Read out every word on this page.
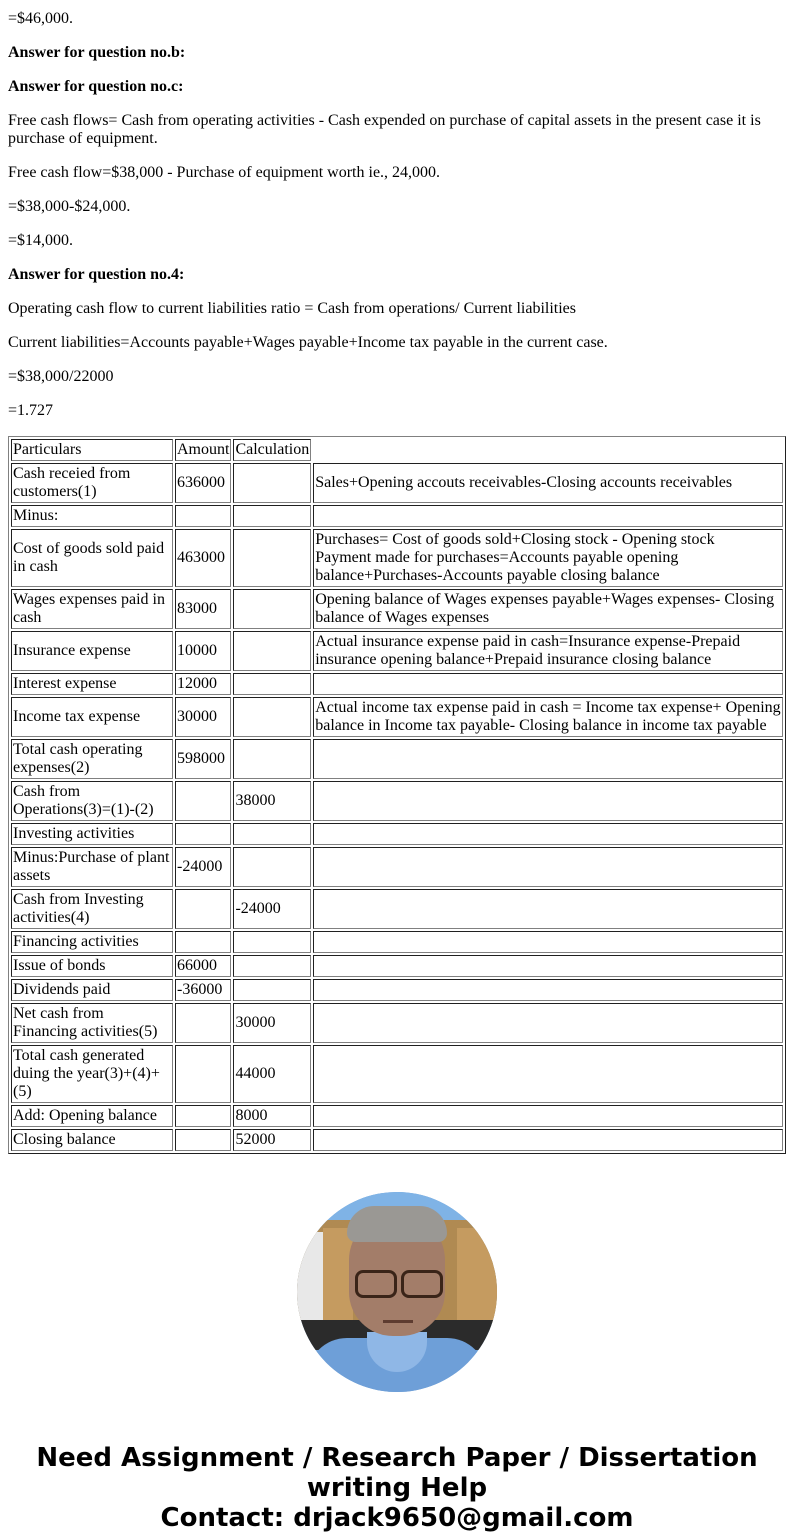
=$46,000.

Answer for question no.b:

Answer for question no.c:

Free cash flows= Cash from operating activities - Cash expended on purchase of capital assets in the present case it is purchase of equipment.

Free cash flow=$38,000 - Purchase of equipment worth ie., 24,000.

=$38,000-$24,000.

=$14,000.

Answer for question no.4:

Operating cash flow to current liabilities ratio = Cash from operations/ Current liabilities

Current liabilities=Accounts payable+Wages payable+Income tax payable in the current case.

=$38,000/22000

=1.727

Particulars	Amount	Calculation	
Cash receied from customers(1)	636000		Sales+Opening accouts receivables-Closing accounts receivables
Minus:			
Cost of goods sold paid in cash	463000		Purchases= Cost of goods sold+Closing stock - Opening stock
Payment made for purchases=Accounts payable opening balance+Purchases-Accounts payable closing balance

Wages expenses paid in cash	83000		Opening balance of Wages expenses payable+Wages expenses- Closing balance of Wages expenses
Insurance expense	10000		Actual insurance expense paid in cash=Insurance expense-Prepaid insurance opening balance+Prepaid insurance closing balance
Interest expense	12000		
Income tax expense	30000		Actual income tax expense paid in cash = Income tax expense+ Opening balance in Income tax payable- Closing balance in income tax payable
Total cash operating expenses(2)	598000		
Cash from Operations(3)=(1)-(2)		38000	
Investing activities			
Minus:Purchase of plant assets	-24000		
Cash from Investing activities(4)		-24000	
Financing activities			
Issue of bonds	66000		
Dividends paid	-36000		
Net cash from Financing activities(5)		30000	
Total cash generated duing the year(3)+(4)+(5)		44000	
Add: Opening balance		8000	
Closing balance		52000	
Need Assignment / Research Paper / Dissertation
writing Help
Contact: drjack9650@gmail.com
